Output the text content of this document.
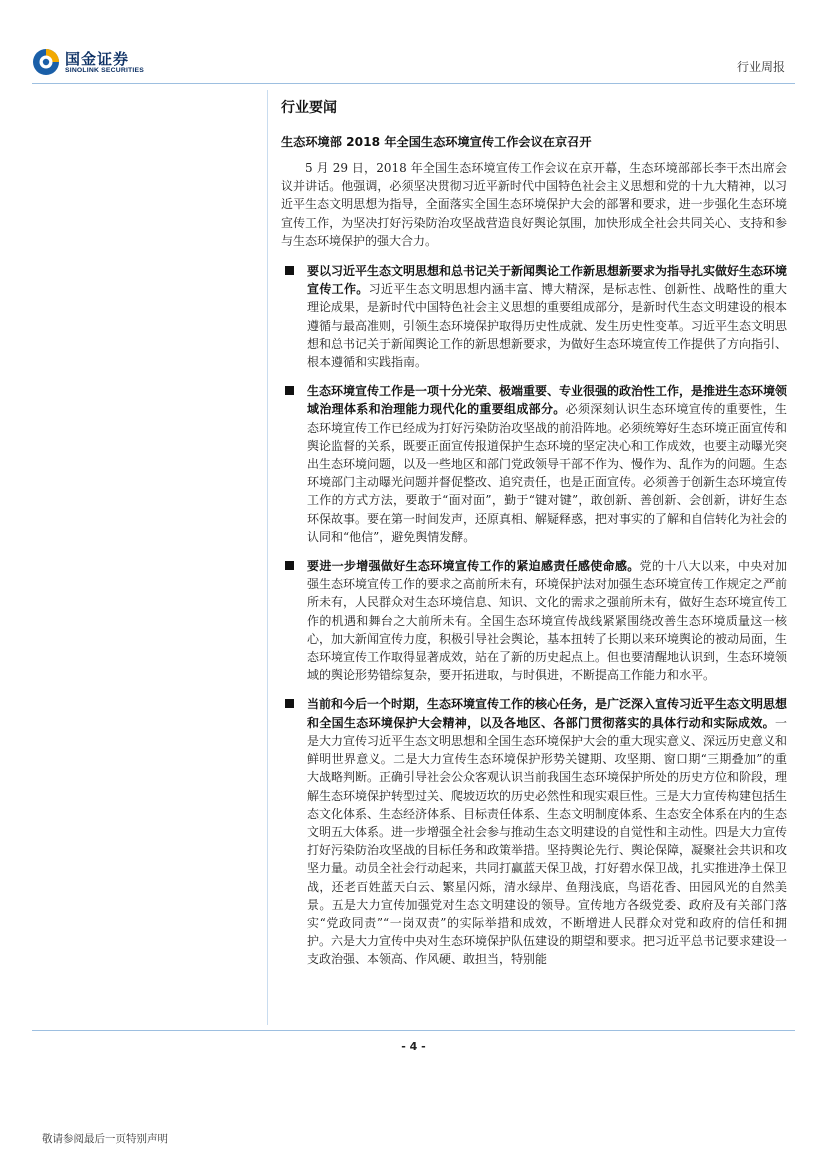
国金证券
SINOLINK SECURITIES	行业周报
行业要闻
生态环境部 2018 年全国生态环境宣传工作会议在京召开

5 月 29 日，2018 年全国生态环境宣传工作会议在京开幕，生态环境部部长李干杰出席会议并讲话。他强调，必须坚决贯彻习近平新时代中国特色社会主义思想和党的十九大精神，以习近平生态文明思想为指导，全面落实全国生态环境保护大会的部署和要求，进一步强化生态环境宣传工作，为坚决打好污染防治攻坚战营造良好舆论氛围，加快形成全社会共同关心、支持和参与生态环境保护的强大合力。

要以习近平生态文明思想和总书记关于新闻舆论工作新思想新要求为指导扎实做好生态环境宣传工作。习近平生态文明思想内涵丰富、博大精深，是标志性、创新性、战略性的重大理论成果，是新时代中国特色社会主义思想的重要组成部分，是新时代生态文明建设的根本遵循与最高准则，引领生态环境保护取得历史性成就、发生历史性变革。习近平生态文明思想和总书记关于新闻舆论工作的新思想新要求，为做好生态环境宣传工作提供了方向指引、根本遵循和实践指南。

生态环境宣传工作是一项十分光荣、极端重要、专业很强的政治性工作，是推进生态环境领域治理体系和治理能力现代化的重要组成部分。必须深刻认识生态环境宣传的重要性，生态环境宣传工作已经成为打好污染防治攻坚战的前沿阵地。必须统筹好生态环境正面宣传和舆论监督的关系，既要正面宣传报道保护生态环境的坚定决心和工作成效，也要主动曝光突出生态环境问题，以及一些地区和部门党政领导干部不作为、慢作为、乱作为的问题。生态环境部门主动曝光问题并督促整改、追究责任，也是正面宣传。必须善于创新生态环境宣传工作的方式方法，要敢于“面对面”，勤于“键对键”，敢创新、善创新、会创新，讲好生态环保故事。要在第一时间发声，还原真相、解疑释惑，把对事实的了解和自信转化为社会的认同和“他信”，避免舆情发酵。

要进一步增强做好生态环境宣传工作的紧迫感责任感使命感。党的十八大以来，中央对加强生态环境宣传工作的要求之高前所未有，环境保护法对加强生态环境宣传工作规定之严前所未有，人民群众对生态环境信息、知识、文化的需求之强前所未有，做好生态环境宣传工作的机遇和舞台之大前所未有。全国生态环境宣传战线紧紧围绕改善生态环境质量这一核心，加大新闻宣传力度，积极引导社会舆论，基本扭转了长期以来环境舆论的被动局面，生态环境宣传工作取得显著成效，站在了新的历史起点上。但也要清醒地认识到，生态环境领域的舆论形势错综复杂，要开拓进取，与时俱进，不断提高工作能力和水平。

当前和今后一个时期，生态环境宣传工作的核心任务，是广泛深入宣传习近平生态文明思想和全国生态环境保护大会精神，以及各地区、各部门贯彻落实的具体行动和实际成效。一是大力宣传习近平生态文明思想和全国生态环境保护大会的重大现实意义、深远历史意义和鲜明世界意义。二是大力宣传生态环境保护形势关键期、攻坚期、窗口期“三期叠加”的重大战略判断。正确引导社会公众客观认识当前我国生态环境保护所处的历史方位和阶段，理解生态环境保护转型过关、爬坡迈坎的历史必然性和现实艰巨性。三是大力宣传构建包括生态文化体系、生态经济体系、目标责任体系、生态文明制度体系、生态安全体系在内的生态文明五大体系。进一步增强全社会参与推动生态文明建设的自觉性和主动性。四是大力宣传打好污染防治攻坚战的目标任务和政策举措。坚持舆论先行、舆论保障，凝聚社会共识和攻坚力量。动员全社会行动起来，共同打赢蓝天保卫战，打好碧水保卫战，扎实推进净土保卫战，还老百姓蓝天白云、繁星闪烁，清水绿岸、鱼翔浅底，鸟语花香、田园风光的自然美景。五是大力宣传加强党对生态文明建设的领导。宣传地方各级党委、政府及有关部门落实“党政同责”“一岗双责”的实际举措和成效，不断增进人民群众对党和政府的信任和拥护。六是大力宣传中央对生态环境保护队伍建设的期望和要求。把习近平总书记要求建设一支政治强、本领高、作风硬、敢担当，特别能

- 4 -
敬请参阅最后一页特别声明
